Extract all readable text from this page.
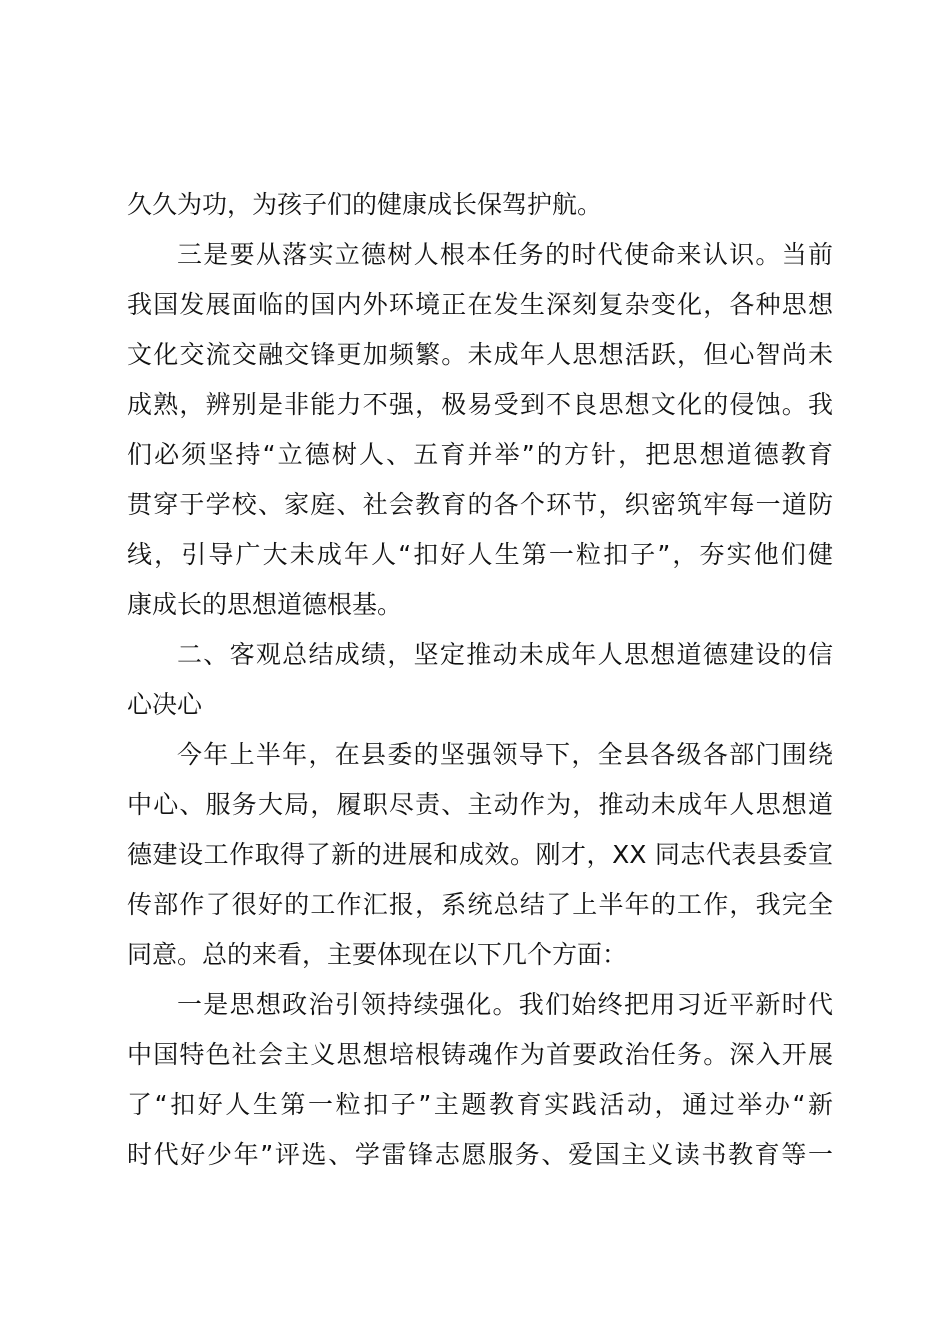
久久为功，为孩子们的健康成长保驾护航。
三是要从落实立德树人根本任务的时代使命来认识。当前
我国发展面临的国内外环境正在发生深刻复杂变化，各种思想
文化交流交融交锋更加频繁。未成年人思想活跃，但心智尚未
成熟，辨别是非能力不强，极易受到不良思想文化的侵蚀。我
们必须坚持“立德树人、五育并举”的方针，把思想道德教育
贯穿于学校、家庭、社会教育的各个环节，织密筑牢每一道防
线，引导广大未成年人“扣好人生第一粒扣子”，夯实他们健
康成长的思想道德根基。
二、客观总结成绩，坚定推动未成年人思想道德建设的信
心决心
今年上半年，在县委的坚强领导下，全县各级各部门围绕
中心、服务大局，履职尽责、主动作为，推动未成年人思想道
德建设工作取得了新的进展和成效。刚才，XX 同志代表县委宣
传部作了很好的工作汇报，系统总结了上半年的工作，我完全
同意。总的来看，主要体现在以下几个方面：
一是思想政治引领持续强化。我们始终把用习近平新时代
中国特色社会主义思想培根铸魂作为首要政治任务。深入开展
了“扣好人生第一粒扣子”主题教育实践活动，通过举办“新
时代好少年”评选、学雷锋志愿服务、爱国主义读书教育等一
